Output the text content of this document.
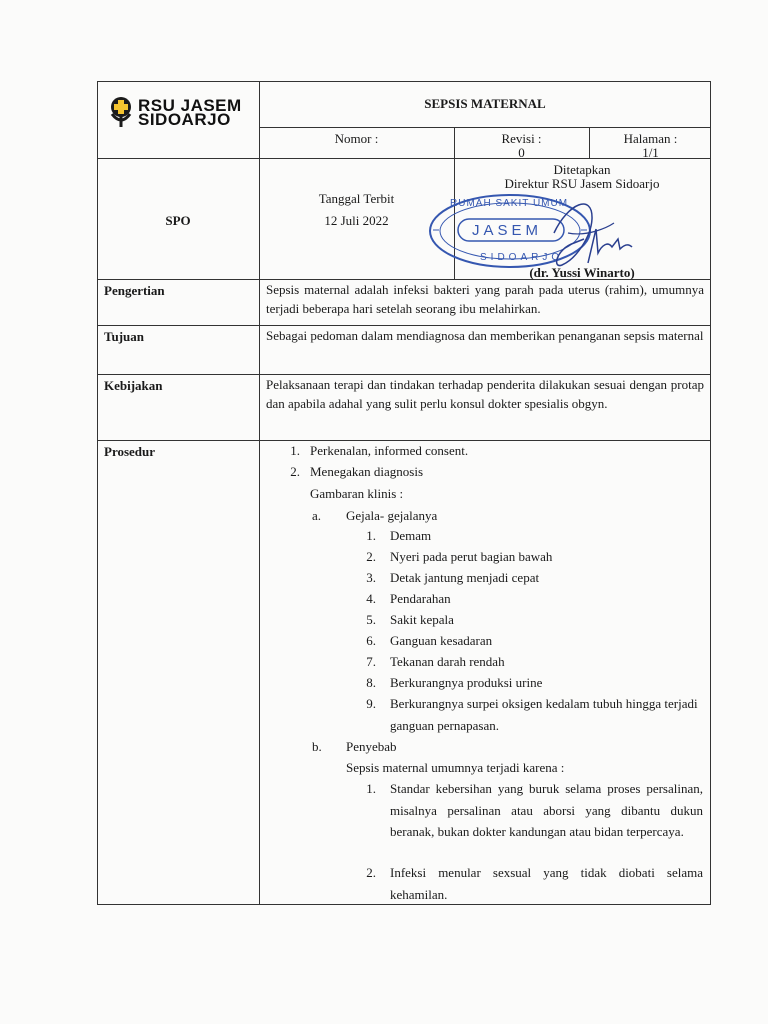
RSU JASEM
SIDOARJO
SEPSIS MATERNAL
Nomor :	Revisi :
0
Halaman :
1/1
SPO
Tanggal Terbit
12 Juli 2022
Ditetapkan
Direktur RSU Jasem Sidoarjo
RUMAH SAKIT UMUM
JASEM
SIDOARJO
(dr. Yussi Winarto)
Pengertian
Tujuan
Kebijakan
Prosedur
Sepsis maternal adalah infeksi bakteri yang parah pada uterus (rahim), umumnya terjadi beberapa hari setelah seorang ibu melahirkan.
Sebagai pedoman dalam mendiagnosa dan memberikan penanganan sepsis maternal
Pelaksanaan terapi dan tindakan terhadap penderita dilakukan sesuai dengan protap dan apabila adahal yang sulit perlu konsul dokter spesialis obgyn.
1. Perkenalan, informed consent.
2. Menegakan diagnosis
Gambaran klinis :
a. Gejala- gejalanya
1. Demam
2. Nyeri pada perut bagian bawah
3. Detak jantung menjadi cepat
4. Pendarahan
5. Sakit kepala
6. Ganguan kesadaran
7. Tekanan darah rendah
8. Berkurangnya produksi urine
9. Berkurangnya surpei oksigen kedalam tubuh hingga terjadi ganguan pernapasan.
b. Penyebab
Sepsis maternal umumnya terjadi karena :
1. Standar kebersihan yang buruk selama proses persalinan, misalnya persalinan atau aborsi yang dibantu dukun beranak, bukan dokter kandungan atau bidan terpercaya.
2. Infeksi menular sexsual yang tidak diobati selama kehamilan.
